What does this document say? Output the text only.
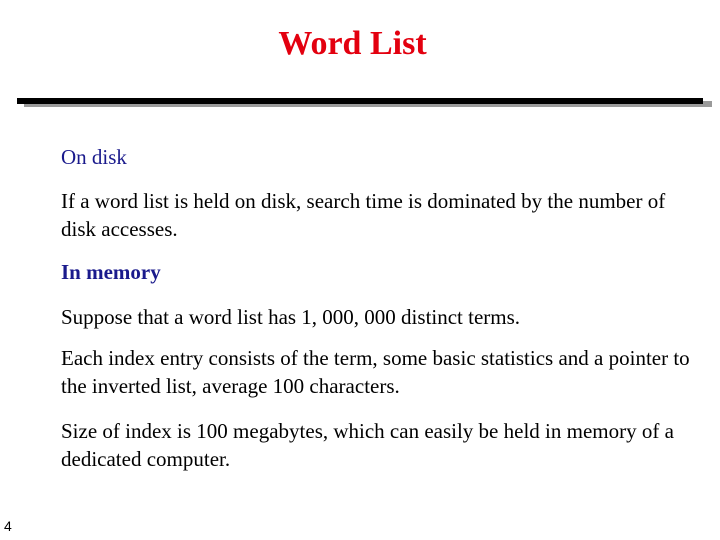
Word List

On disk

If a word list is held on disk, search time is dominated by the number of disk accesses.

In memory

Suppose that a word list has 1, 000, 000 distinct terms.

Each index entry consists of the term, some basic statistics and a pointer to the inverted list, average 100 characters.

Size of index is 100 megabytes, which can easily be held in memory of a dedicated computer.

4
